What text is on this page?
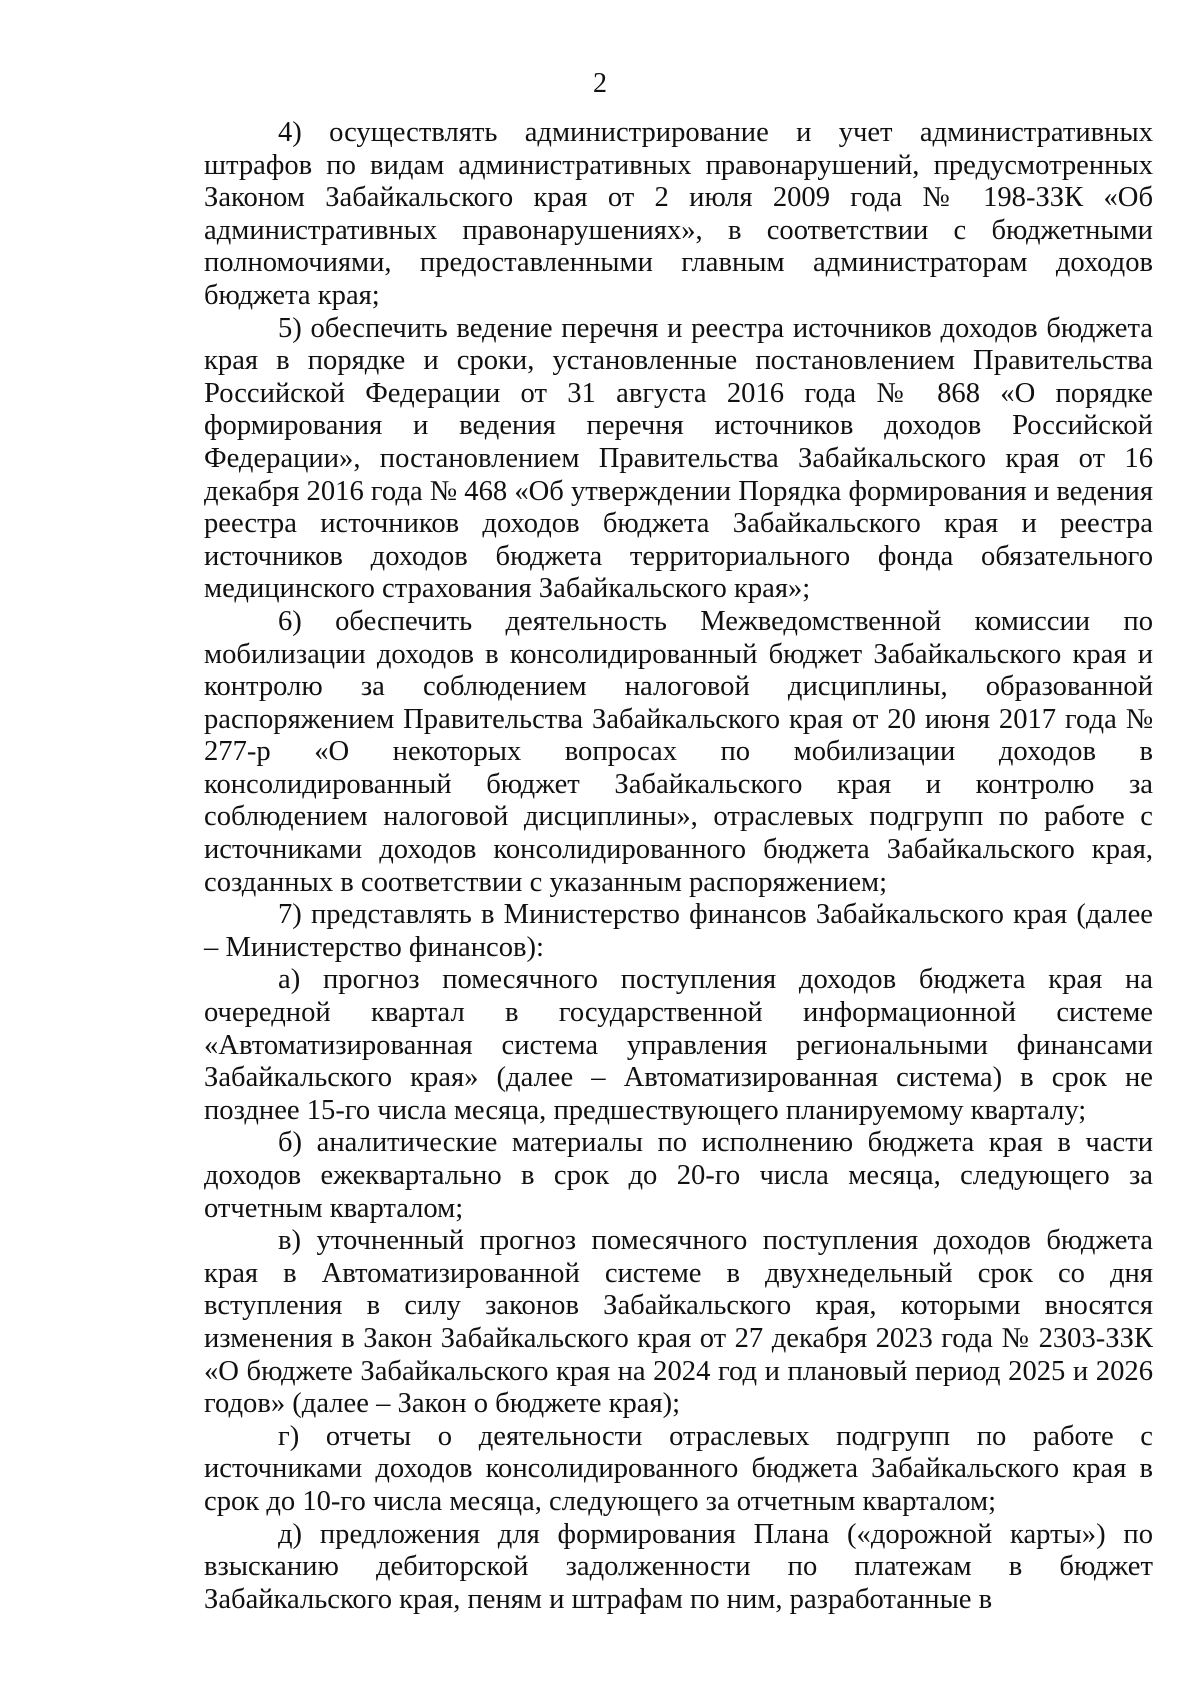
2

4) осуществлять администрирование и учет административных штрафов по видам административных правонарушений, предусмотренных Законом Забайкальского края от 2 июля 2009 года № 198-ЗЗК «Об административных правонарушениях», в соответствии с бюджетными полномочиями, предоставленными главным администраторам доходов бюджета края;

5) обеспечить ведение перечня и реестра источников доходов бюджета края в порядке и сроки, установленные постановлением Правительства Российской Федерации от 31 августа 2016 года № 868 «О порядке формирования и ведения перечня источников доходов Российской Федерации», постановлением Правительства Забайкальского края от 16 декабря 2016 года № 468 «Об утверждении Порядка формирования и ведения реестра источников доходов бюджета Забайкальского края и реестра источников доходов бюджета территориального фонда обязательного медицинского страхования Забайкальского края»;

6) обеспечить деятельность Межведомственной комиссии по мобилизации доходов в консолидированный бюджет Забайкальского края и контролю за соблюдением налоговой дисциплины, образованной распоряжением Правительства Забайкальского края от 20 июня 2017 года № 277-р «О некоторых вопросах по мобилизации доходов в консолидированный бюджет Забайкальского края и контролю за соблюдением налоговой дисциплины», отраслевых подгрупп по работе с источниками доходов консолидированного бюджета Забайкальского края, созданных в соответствии с указанным распоряжением;

7) представлять в Министерство финансов Забайкальского края (далее – Министерство финансов):

а) прогноз помесячного поступления доходов бюджета края на очередной квартал в государственной информационной системе «Автоматизированная система управления региональными финансами Забайкальского края» (далее – Автоматизированная система) в срок не позднее 15-го числа месяца, предшествующего планируемому кварталу;

б) аналитические материалы по исполнению бюджета края в части доходов ежеквартально в срок до 20-го числа месяца, следующего за отчетным кварталом;

в) уточненный прогноз помесячного поступления доходов бюджета края в Автоматизированной системе в двухнедельный срок со дня вступления в силу законов Забайкальского края, которыми вносятся изменения в Закон Забайкальского края от 27 декабря 2023 года № 2303-ЗЗК «О бюджете Забайкальского края на 2024 год и плановый период 2025 и 2026 годов» (далее – Закон о бюджете края);

г) отчеты о деятельности отраслевых подгрупп по работе с источниками доходов консолидированного бюджета Забайкальского края в срок до 10-го числа месяца, следующего за отчетным кварталом;

д) предложения для формирования Плана («дорожной карты») по взысканию дебиторской задолженности по платежам в бюджет Забайкальского края, пеням и штрафам по ним, разработанные в
